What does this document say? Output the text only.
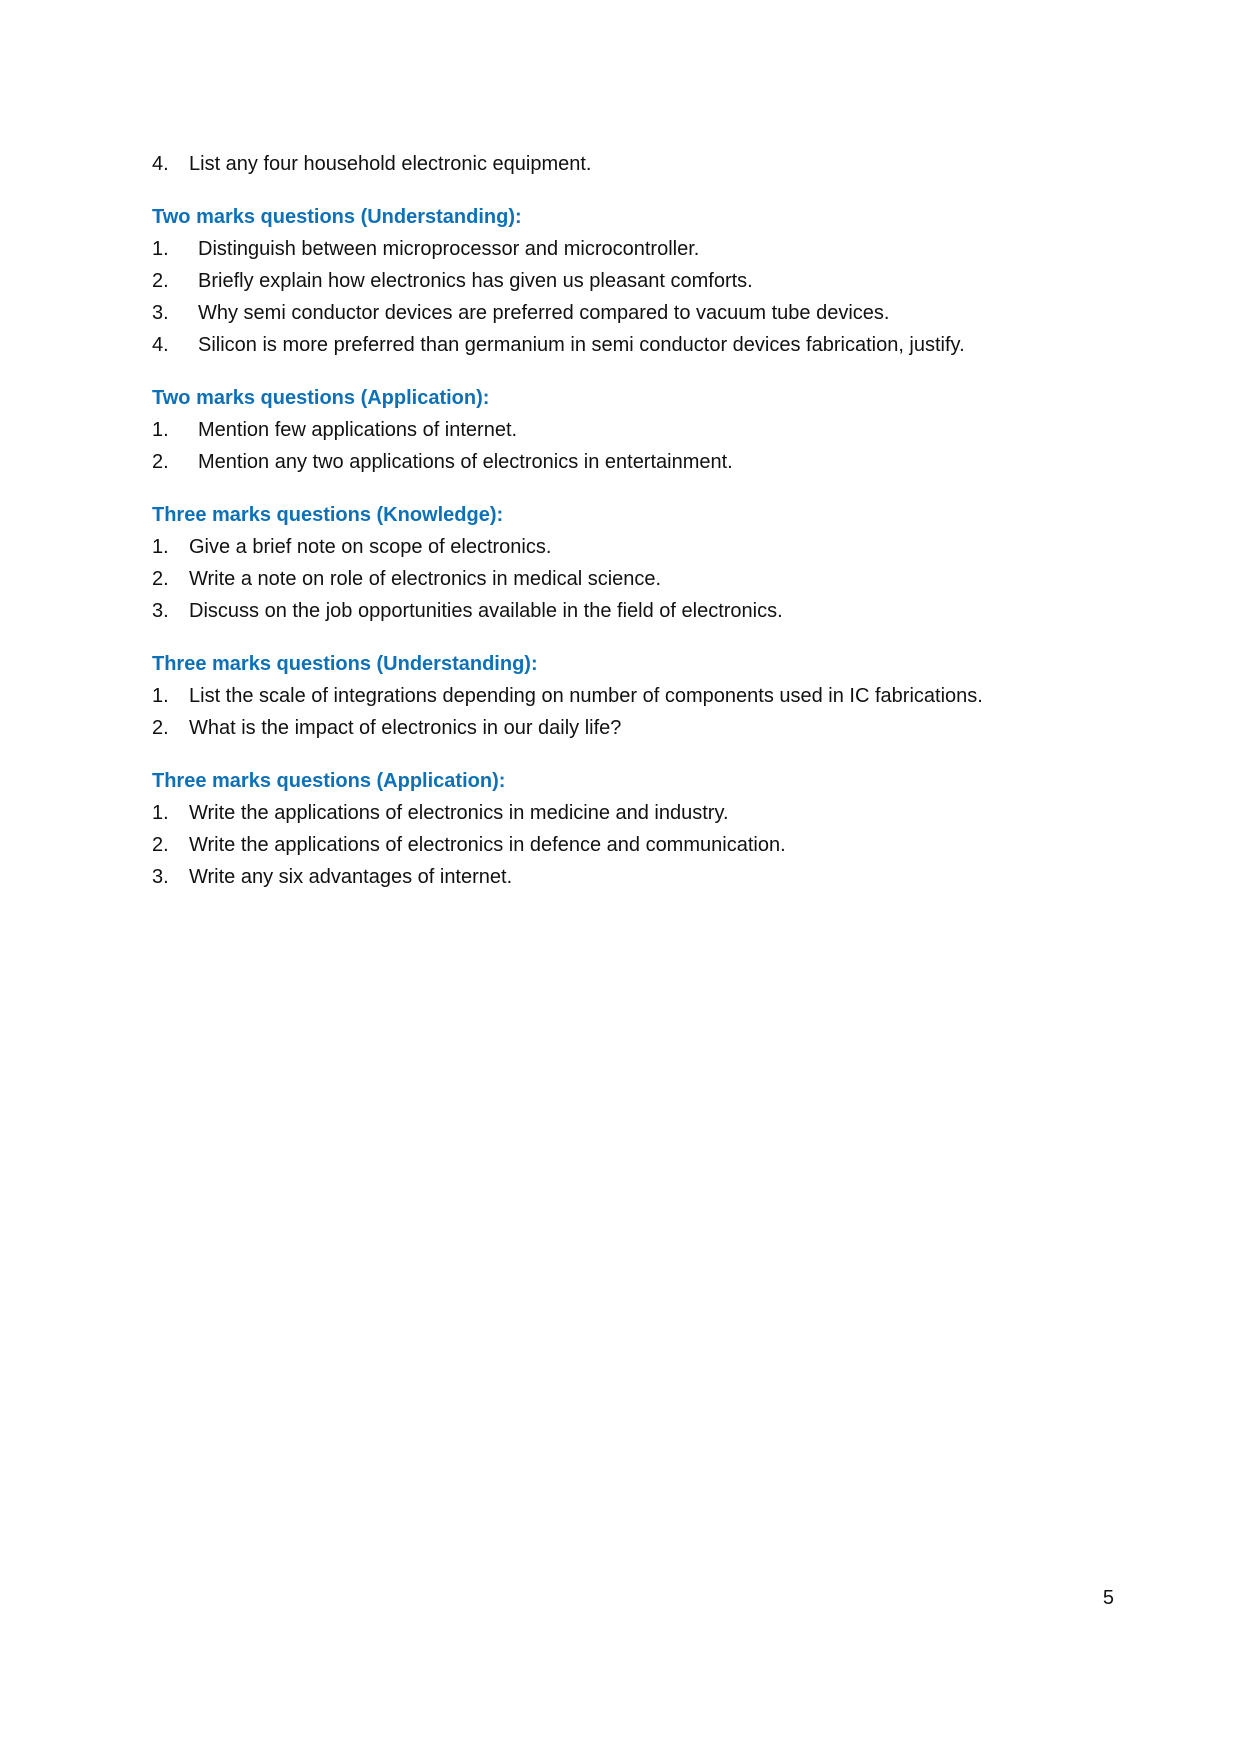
4.	List any four household electronic equipment.
Two marks questions (Understanding):
1.	Distinguish between microprocessor and microcontroller.
2.	Briefly explain how electronics has given us pleasant comforts.
3.	Why semi conductor devices are preferred compared to vacuum tube devices.
4.	Silicon is more preferred than germanium in semi conductor devices fabrication, justify.
Two marks questions (Application):
1.	Mention few applications of internet.
2.	Mention any two applications of electronics in entertainment.
Three marks questions (Knowledge):
1.	Give a brief note on scope of electronics.
2.	Write a note on role of electronics in medical science.
3.	Discuss on the job opportunities available in the field of electronics.
Three marks questions (Understanding):
1.	List the scale of integrations depending on number of components used in IC fabrications.
2.	What is the impact of electronics in our daily life?
Three marks questions (Application):
1.	Write the applications of electronics in medicine and industry.
2.	Write the applications of electronics in defence and communication.
3.	Write any six advantages of internet.
5
